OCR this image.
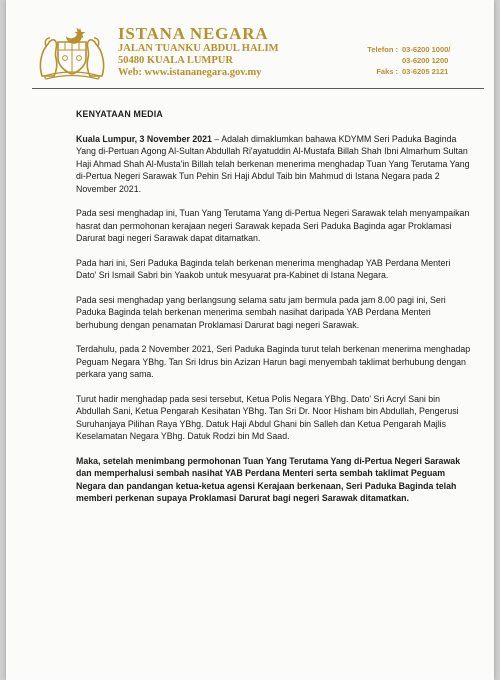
ISTANA NEGARA
JALAN TUANKU ABDUL HALIM
50480 KUALA LUMPUR
Web: www.istananegara.gov.my
Telefon : 03-6200 1000/
03-6200 1200
Faks : 03-6205 2121
KENYATAAN MEDIA
Kuala Lumpur, 3 November 2021 – Adalah dimaklumkan bahawa KDYMM Seri Paduka Baginda Yang di-Pertuan Agong Al-Sultan Abdullah Ri'ayatuddin Al-Mustafa Billah Shah Ibni Almarhum Sultan Haji Ahmad Shah Al-Musta'in Billah telah berkenan menerima menghadap Tuan Yang Terutama Yang di-Pertua Negeri Sarawak Tun Pehin Sri Haji Abdul Taib bin Mahmud di Istana Negara pada 2 November 2021.
Pada sesi menghadap ini, Tuan Yang Terutama Yang di-Pertua Negeri Sarawak telah menyampaikan hasrat dan permohonan kerajaan negeri Sarawak kepada Seri Paduka Baginda agar Proklamasi Darurat bagi negeri Sarawak dapat ditamatkan.
Pada hari ini, Seri Paduka Baginda telah berkenan menerima menghadap YAB Perdana Menteri Dato' Sri Ismail Sabri bin Yaakob untuk mesyuarat pra-Kabinet di Istana Negara.
Pada sesi menghadap yang berlangsung selama satu jam bermula pada jam 8.00 pagi ini, Seri Paduka Baginda telah berkenan menerima sembah nasihat daripada YAB Perdana Menteri berhubung dengan penamatan Proklamasi Darurat bagi negeri Sarawak.
Terdahulu, pada 2 November 2021, Seri Paduka Baginda turut telah berkenan menerima menghadap Peguam Negara YBhg. Tan Sri Idrus bin Azizan Harun bagi menyembah taklimat berhubung dengan perkara yang sama.
Turut hadir menghadap pada sesi tersebut, Ketua Polis Negara YBhg. Dato' Sri Acryl Sani bin Abdullah Sani, Ketua Pengarah Kesihatan YBhg. Tan Sri Dr. Noor Hisham bin Abdullah, Pengerusi Suruhanjaya Pilihan Raya YBhg. Datuk Haji Abdul Ghani bin Salleh dan Ketua Pengarah Majlis Keselamatan Negara YBhg. Datuk Rodzi bin Md Saad.
Maka, setelah menimbang permohonan Tuan Yang Terutama Yang di-Pertua Negeri Sarawak dan memperhalusi sembah nasihat YAB Perdana Menteri serta sembah taklimat Peguam Negara dan pandangan ketua-ketua agensi Kerajaan berkenaan, Seri Paduka Baginda telah memberi perkenan supaya Proklamasi Darurat bagi negeri Sarawak ditamatkan.
